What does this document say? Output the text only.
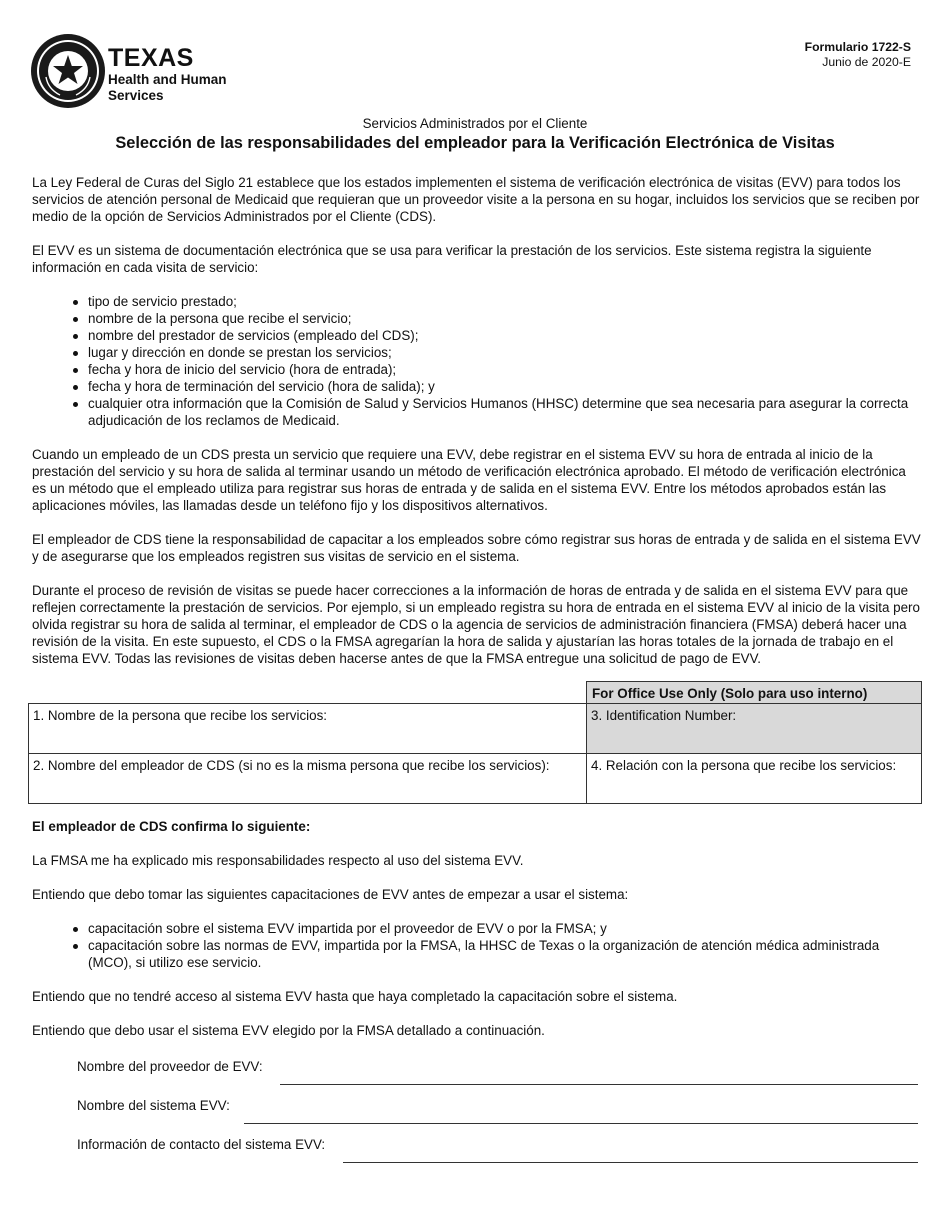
TEXAS
Health and Human
Services
Formulario 1722-S
Junio de 2020-E
Servicios Administrados por el Cliente
Selección de las responsabilidades del empleador para la Verificación Electrónica de Visitas

La Ley Federal de Curas del Siglo 21 establece que los estados implementen el sistema de verificación electrónica de visitas (EVV) para todos los servicios de atención personal de Medicaid que requieran que un proveedor visite a la persona en su hogar, incluidos los servicios que se reciben por medio de la opción de Servicios Administrados por el Cliente (CDS).

El EVV es un sistema de documentación electrónica que se usa para verificar la prestación de los servicios. Este sistema registra la siguiente información en cada visita de servicio:

tipo de servicio prestado;
nombre de la persona que recibe el servicio;
nombre del prestador de servicios (empleado del CDS);
lugar y dirección en donde se prestan los servicios;
fecha y hora de inicio del servicio (hora de entrada);
fecha y hora de terminación del servicio (hora de salida); y
cualquier otra información que la Comisión de Salud y Servicios Humanos (HHSC) determine que sea necesaria para asegurar la correcta adjudicación de los reclamos de Medicaid.

Cuando un empleado de un CDS presta un servicio que requiere una EVV, debe registrar en el sistema EVV su hora de entrada al inicio de la prestación del servicio y su hora de salida al terminar usando un método de verificación electrónica aprobado. El método de verificación electrónica es un método que el empleado utiliza para registrar sus horas de entrada y de salida en el sistema EVV. Entre los métodos aprobados están las aplicaciones móviles, las llamadas desde un teléfono fijo y los dispositivos alternativos.

El empleador de CDS tiene la responsabilidad de capacitar a los empleados sobre cómo registrar sus horas de entrada y de salida en el sistema EVV y de asegurarse que los empleados registren sus visitas de servicio en el sistema.

Durante el proceso de revisión de visitas se puede hacer correcciones a la información de horas de entrada y de salida en el sistema EVV para que reflejen correctamente la prestación de servicios. Por ejemplo, si un empleado registra su hora de entrada en el sistema EVV al inicio de la visita pero olvida registrar su hora de salida al terminar, el empleador de CDS o la agencia de servicios de administración financiera (FMSA) deberá hacer una revisión de la visita. En este supuesto, el CDS o la FMSA agregarían la hora de salida y ajustarían las horas totales de la jornada de trabajo en el sistema EVV. Todas las revisiones de visitas deben hacerse antes de que la FMSA entregue una solicitud de pago de EVV.

For Office Use Only (Solo para uso interno)
1. Nombre de la persona que recibe los servicios:	3. Identification Number:
2. Nombre del empleador de CDS (si no es la misma persona que recibe los servicios):	4. Relación con la persona que recibe los servicios:

El empleador de CDS confirma lo siguiente:

La FMSA me ha explicado mis responsabilidades respecto al uso del sistema EVV.

Entiendo que debo tomar las siguientes capacitaciones de EVV antes de empezar a usar el sistema:

capacitación sobre el sistema EVV impartida por el proveedor de EVV o por la FMSA; y
capacitación sobre las normas de EVV, impartida por la FMSA, la HHSC de Texas o la organización de atención médica administrada (MCO), si utilizo ese servicio.

Entiendo que no tendré acceso al sistema EVV hasta que haya completado la capacitación sobre el sistema.

Entiendo que debo usar el sistema EVV elegido por la FMSA detallado a continuación.

Nombre del proveedor de EVV:
Nombre del sistema EVV:
Información de contacto del sistema EVV:
